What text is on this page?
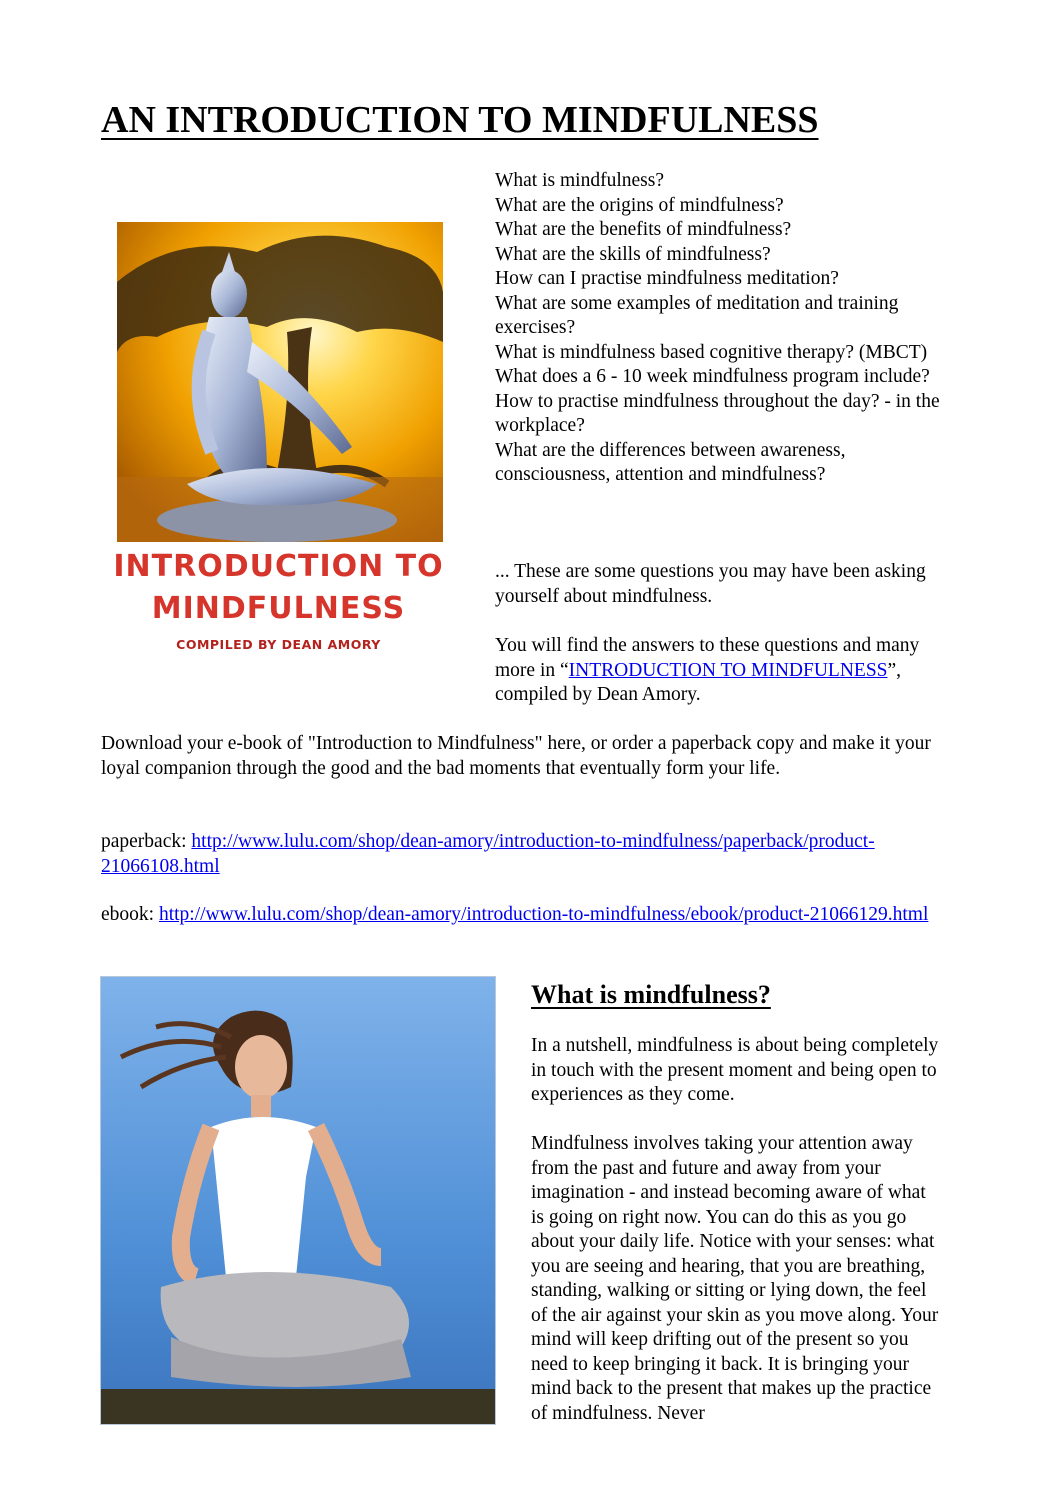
AN INTRODUCTION TO MINDFULNESS
INTRODUCTION TO
MINDFULNESS
COMPILED BY DEAN AMORY
What is mindfulness?
What are the origins of mindfulness?
What are the benefits of mindfulness?
What are the skills of mindfulness?
How can I practise mindfulness meditation?
What are some examples of meditation and training exercises?
What is mindfulness based cognitive therapy? (MBCT)
What does a 6 - 10 week mindfulness program include?
How to practise mindfulness throughout the day? - in the workplace?
What are the differences between awareness, consciousness, attention and mindfulness?

... These are some questions you may have been asking yourself about mindfulness.

You will find the answers to these questions and many more in “INTRODUCTION TO MINDFULNESS”, compiled by Dean Amory.

Download your e-book of "Introduction to Mindfulness" here, or order a paperback copy and make it your loyal companion through the good and the bad moments that eventually form your life.

paperback: http://www.lulu.com/shop/dean-amory/introduction-to-mindfulness/paperback/product-21066108.html

ebook: http://www.lulu.com/shop/dean-amory/introduction-to-mindfulness/ebook/product-21066129.html

What is mindfulness?

In a nutshell, mindfulness is about being completely in touch with the present moment and being open to experiences as they come.

Mindfulness involves taking your attention away from the past and future and away from your imagination - and instead becoming aware of what is going on right now. You can do this as you go about your daily life. Notice with your senses: what you are seeing and hearing, that you are breathing, standing, walking or sitting or lying down, the feel of the air against your skin as you move along. Your mind will keep drifting out of the present so you need to keep bringing it back. It is bringing your mind back to the present that makes up the practice of mindfulness. Never
